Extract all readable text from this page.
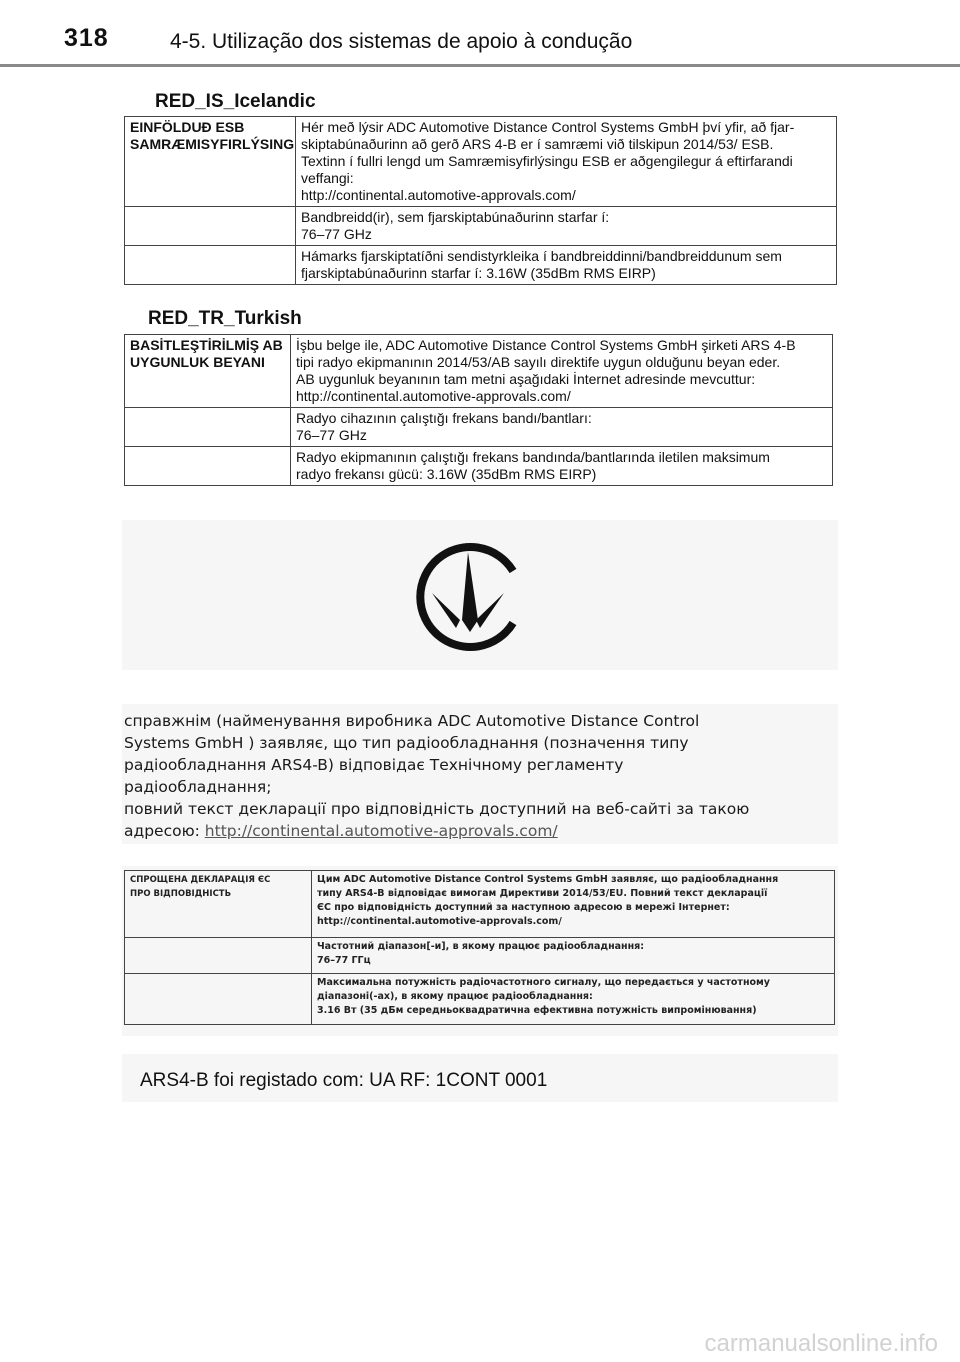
318	4-5. Utilização dos sistemas de apoio à condução
RED_IS_Icelandic
EINFÖLDUÐ ESB
SAMRÆMISYFIRLÝSING	Hér með lýsir ADC Automotive Distance Control Systems GmbH því yfir, að fjar-
skiptabúnaðurinn að gerð ARS 4-B er í samræmi við tilskipun 2014/53/ ESB.
Textinn í fullri lengd um Samræmisyfirlýsingu ESB er aðgengilegur á eftirfarandi
veffangi:
http://continental.automotive-approvals.com/

	Bandbreidd(ir), sem fjarskiptabúnaðurinn starfar í:
76–77 GHz

	Hámarks fjarskiptatíðni sendistyrkleika í bandbreiddinni/bandbreiddunum sem
fjarskiptabúnaðurinn starfar í: 3.16W (35dBm RMS EIRP)
RED_TR_Turkish
BASİTLEŞTİRİLMİŞ AB
UYGUNLUK BEYANI	İşbu belge ile, ADC Automotive Distance Control Systems GmbH şirketi ARS 4-B
tipi radyo ekipmanının 2014/53/AB sayılı direktife uygun olduğunu beyan eder.
AB uygunluk beyanının tam metni aşağıdaki İnternet adresinde mevcuttur:
http://continental.automotive-approvals.com/

	Radyo cihazının çalıştığı frekans bandı/bantları:
76–77 GHz

	Radyo ekipmanının çalıştığı frekans bandında/bantlarında iletilen maksimum
radyo frekansı gücü: 3.16W (35dBm RMS EIRP)
справжнім (найменування виробника ADC Automotive Distance Control
Systems GmbH ) заявляє, що тип радіообладнання (позначення типу
радіообладнання ARS4-B) відповідає Технічному регламенту
радіообладнання;
повний текст декларації про відповідність доступний на веб-сайті за такою
адресою: http://continental.automotive-approvals.com/
СПРОЩЕНА ДЕКЛАРАЦІЯ ЄС
ПРО ВІДПОВІДНІСТЬ	Цим ADC Automotive Distance Control Systems GmbH заявляє, що радіообладнання
типу ARS4-B відповідає вимогам Директиви 2014/53/EU. Повний текст декларації
ЄС про відповідність доступний за наступною адресою в мережі Інтернет:
http://continental.automotive-approvals.com/

	Частотний діапазон[-и], в якому працює радіообладнання:
76–77 ГГц

	Максимальна потужність радіочастотного сигналу, що передається у частотному
діапазоні(-ах), в якому працює радіообладнання:
3.16 Вт (35 дБм середньоквадратична ефективна потужність випромінювання)
ARS4-B foi registado com: UA RF: 1CONT 0001
carmanualsonline.info
